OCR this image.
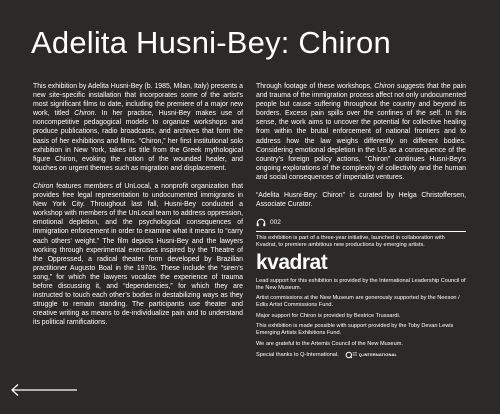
Adelita Husni-Bey: Chiron

This exhibition by Adelita Husni-Bey (b. 1985, Milan, Italy) presents a new site-specific installation that incorporates some of the artist's most significant films to date, including the premiere of a major new work, titled Chiron. In her practice, Husni-Bey makes use of noncompetitive pedagogical models to organize workshops and produce publications, radio broadcasts, and archives that form the basis of her exhibitions and films. “Chiron,” her first institutional solo exhibition in New York, takes its title from the Greek mythological figure Chiron, evoking the notion of the wounded healer, and touches on urgent themes such as migration and displacement.

Chiron features members of UnLocal, a nonprofit organization that provides free legal representation to undocumented immigrants in New York City. Throughout last fall, Husni-Bey conducted a workshop with members of the UnLocal team to address oppression, emotional depletion, and the psychological consequences of immigration enforcement in order to examine what it means to “carry each others’ weight.” The film depicts Husni-Bey and the lawyers working through experimental exercises inspired by the Theatre of the Oppressed, a radical theater form developed by Brazilian practitioner Augusto Boal in the 1970s. These include the “siren’s song,” for which the lawyers vocalize the experience of trauma before discussing it, and “dependencies,” for which they are instructed to touch each other’s bodies in destabilizing ways as they struggle to remain standing. The participants use theater and creative writing as means to de-individualize pain and to understand its political ramifications.

Through footage of these workshops, Chiron suggests that the pain and trauma of the immigration process affect not only undocumented people but cause suffering throughout the country and beyond its borders. Excess pain spills over the confines of the self. In this sense, the work aims to uncover the potential for collective healing from within the brutal enforcement of national frontiers and to address how the law weighs differently on different bodies. Considering emotional depletion in the US as a consequence of the country’s foreign policy actions, “Chiron” continues Husni-Bey’s ongoing explorations of the complexity of collectivity and the human and social consequences of imperialist ventures.

“Adelita Husni-Bey: Chiron” is curated by Helga Christoffersen, Associate Curator.

002

This exhibition is part of a three-year initiative, launched in collaboration with Kvadrat, to premiere ambitious new productions by emerging artists.

kvadrat

Lead support for this exhibition is provided by the International Leadership Council of the New Museum.

Artist commissions at the New Museum are generously supported by the Neeson / Edlis Artist Commissions Fund.

Major support for Chiron is provided by Bestrice Trussardi.

This exhibition is made possible with support provided by the Toby Devan Lewis Emerging Artists Exhibitions Fund.

We are grateful to the Artemis Council of the New Museum.

Special thanks to Q-International.	Q-INTERNATIONAL
